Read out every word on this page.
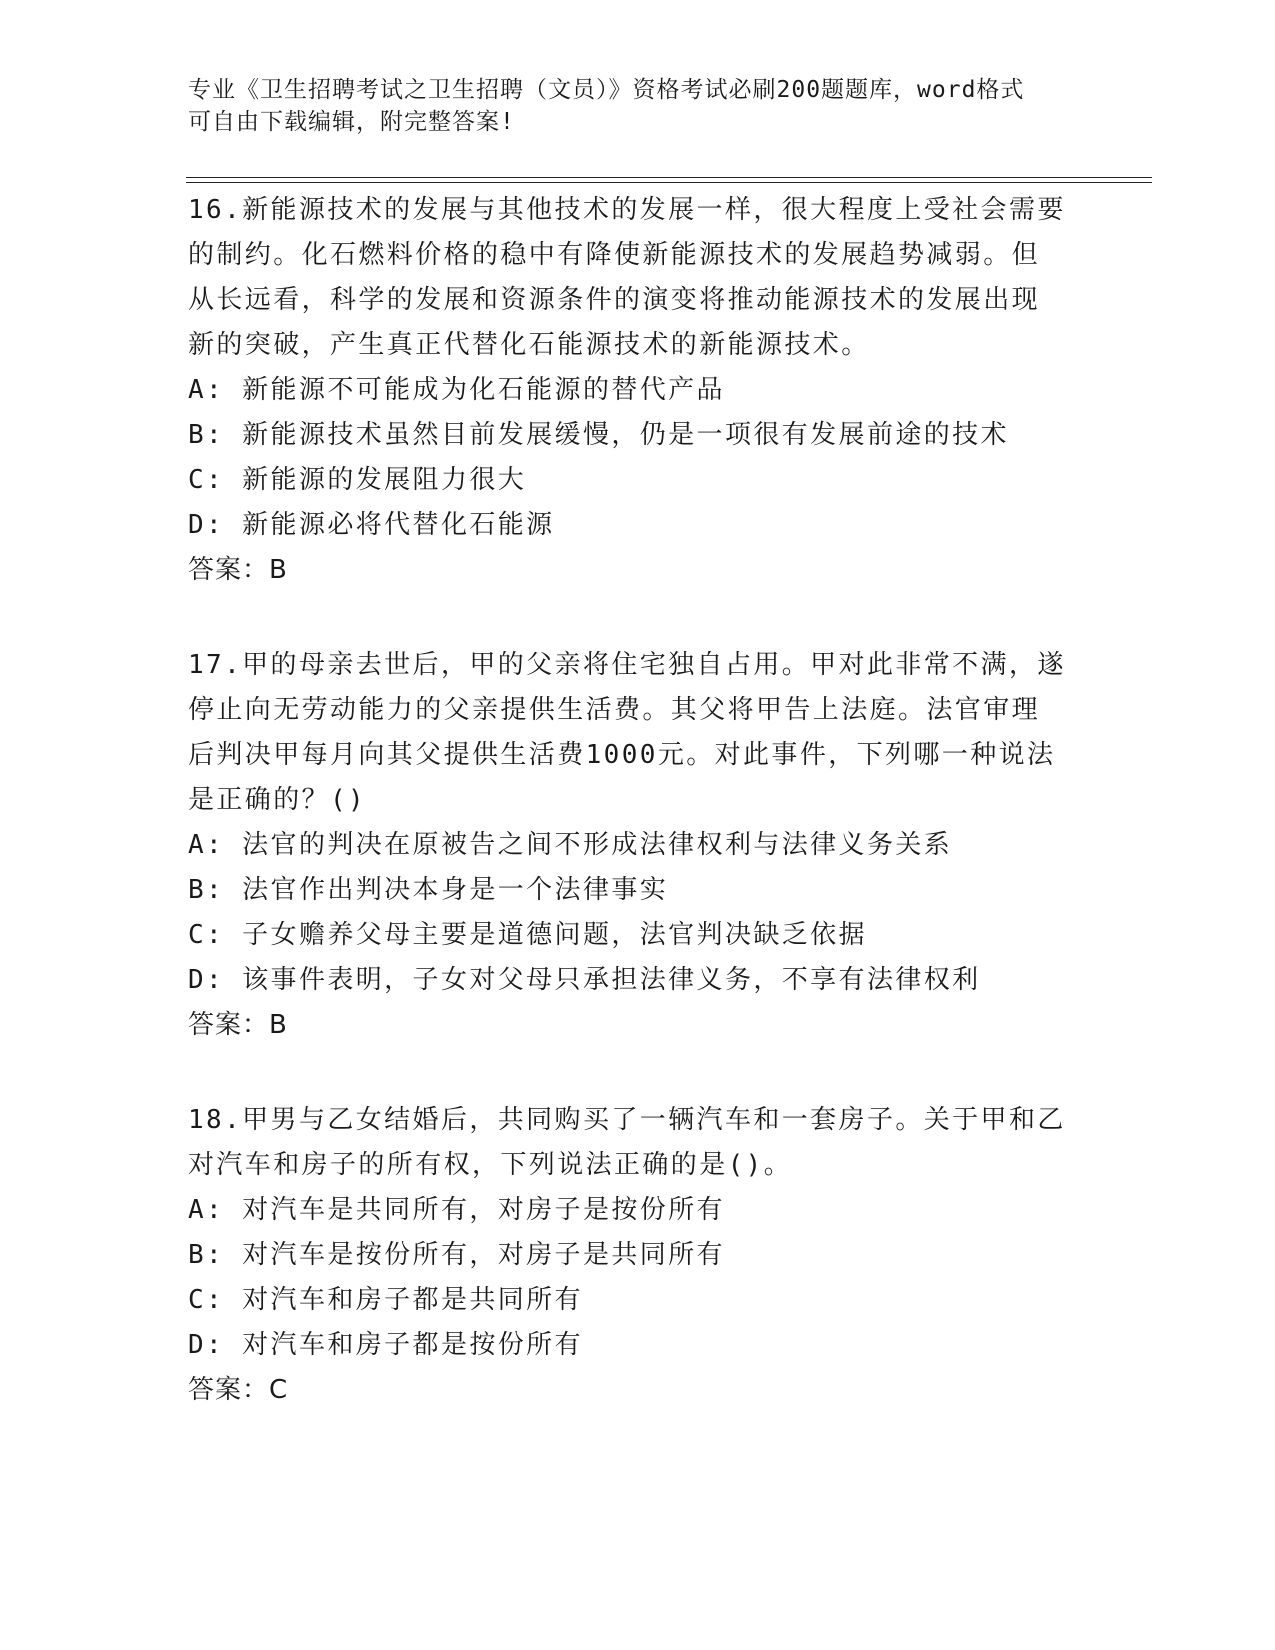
专业《卫生招聘考试之卫生招聘（文员）》资格考试必刷200题题库，word格式
可自由下载编辑，附完整答案!

16.新能源技术的发展与其他技术的发展一样，很大程度上受社会需要

的制约。化石燃料价格的稳中有降使新能源技术的发展趋势减弱。但

从长远看，科学的发展和资源条件的演变将推动能源技术的发展出现

新的突破，产生真正代替化石能源技术的新能源技术。

A: 新能源不可能成为化石能源的替代产品

B: 新能源技术虽然目前发展缓慢，仍是一项很有发展前途的技术

C: 新能源的发展阻力很大

D: 新能源必将代替化石能源

答案：B

17.甲的母亲去世后，甲的父亲将住宅独自占用。甲对此非常不满，遂

停止向无劳动能力的父亲提供生活费。其父将甲告上法庭。法官审理

后判决甲每月向其父提供生活费1000元。对此事件，下列哪一种说法

是正确的？()

A: 法官的判决在原被告之间不形成法律权利与法律义务关系

B: 法官作出判决本身是一个法律事实

C: 子女赡养父母主要是道德问题，法官判决缺乏依据

D: 该事件表明，子女对父母只承担法律义务，不享有法律权利

答案：B

18.甲男与乙女结婚后，共同购买了一辆汽车和一套房子。关于甲和乙

对汽车和房子的所有权，下列说法正确的是()。

A: 对汽车是共同所有，对房子是按份所有

B: 对汽车是按份所有，对房子是共同所有

C: 对汽车和房子都是共同所有

D: 对汽车和房子都是按份所有

答案：C
